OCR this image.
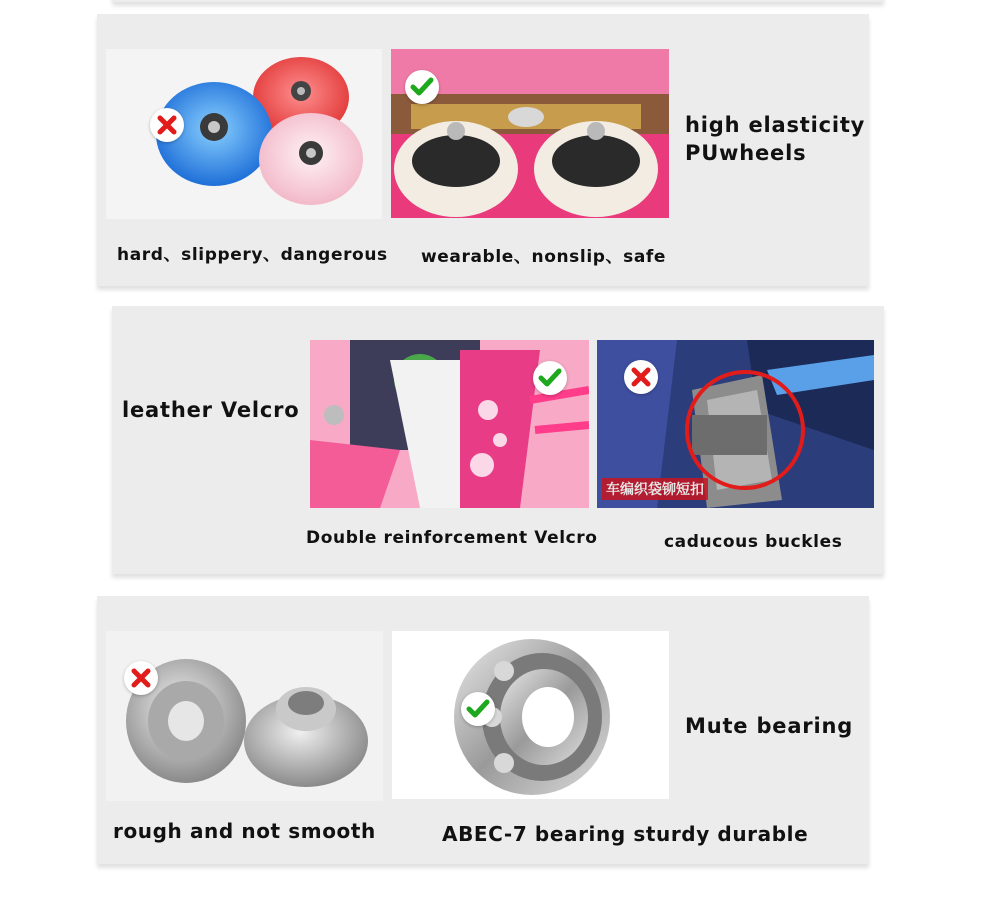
high elasticity
PUwheels
hard、slippery、dangerous wearable、nonslip、safe
leather Velcro
车编织袋铆短扣
Double reinforcement Velcro	caducous buckles
Mute bearing
rough and not smooth	ABEC-7 bearing sturdy durable
